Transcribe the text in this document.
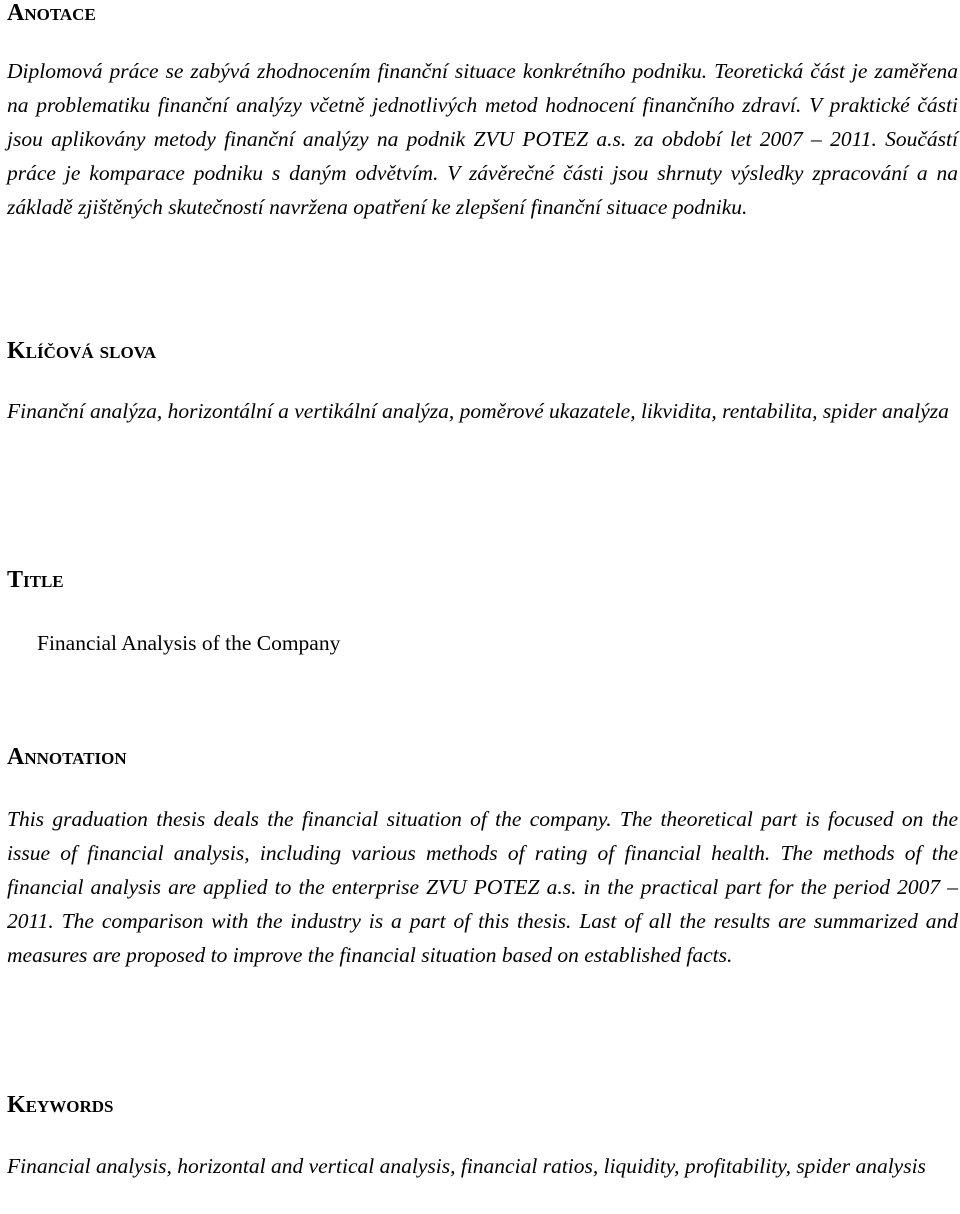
Anotace

Diplomová práce se zabývá zhodnocením finanční situace konkrétního podniku. Teoretická část je zaměřena na problematiku finanční analýzy včetně jednotlivých metod hodnocení finančního zdraví. V praktické části jsou aplikovány metody finanční analýzy na podnik ZVU POTEZ a.s. za období let 2007 – 2011. Součástí práce je komparace podniku s daným odvětvím. V závěrečné části jsou shrnuty výsledky zpracování a na základě zjištěných skutečností navržena opatření ke zlepšení finanční situace podniku.

Klíčová slova

Finanční analýza, horizontální a vertikální analýza, poměrové ukazatele, likvidita, rentabilita, spider analýza

Title

Financial Analysis of the Company

Annotation

This graduation thesis deals the financial situation of the company. The theoretical part is focused on the issue of financial analysis, including various methods of rating of financial health. The methods of the financial analysis are applied to the enterprise ZVU POTEZ a.s. in the practical part for the period 2007 – 2011. The comparison with the industry is a part of this thesis. Last of all the results are summarized and measures are proposed to improve the financial situation based on established facts.

Keywords

Financial analysis, horizontal and vertical analysis, financial ratios, liquidity, profitability, spider analysis
